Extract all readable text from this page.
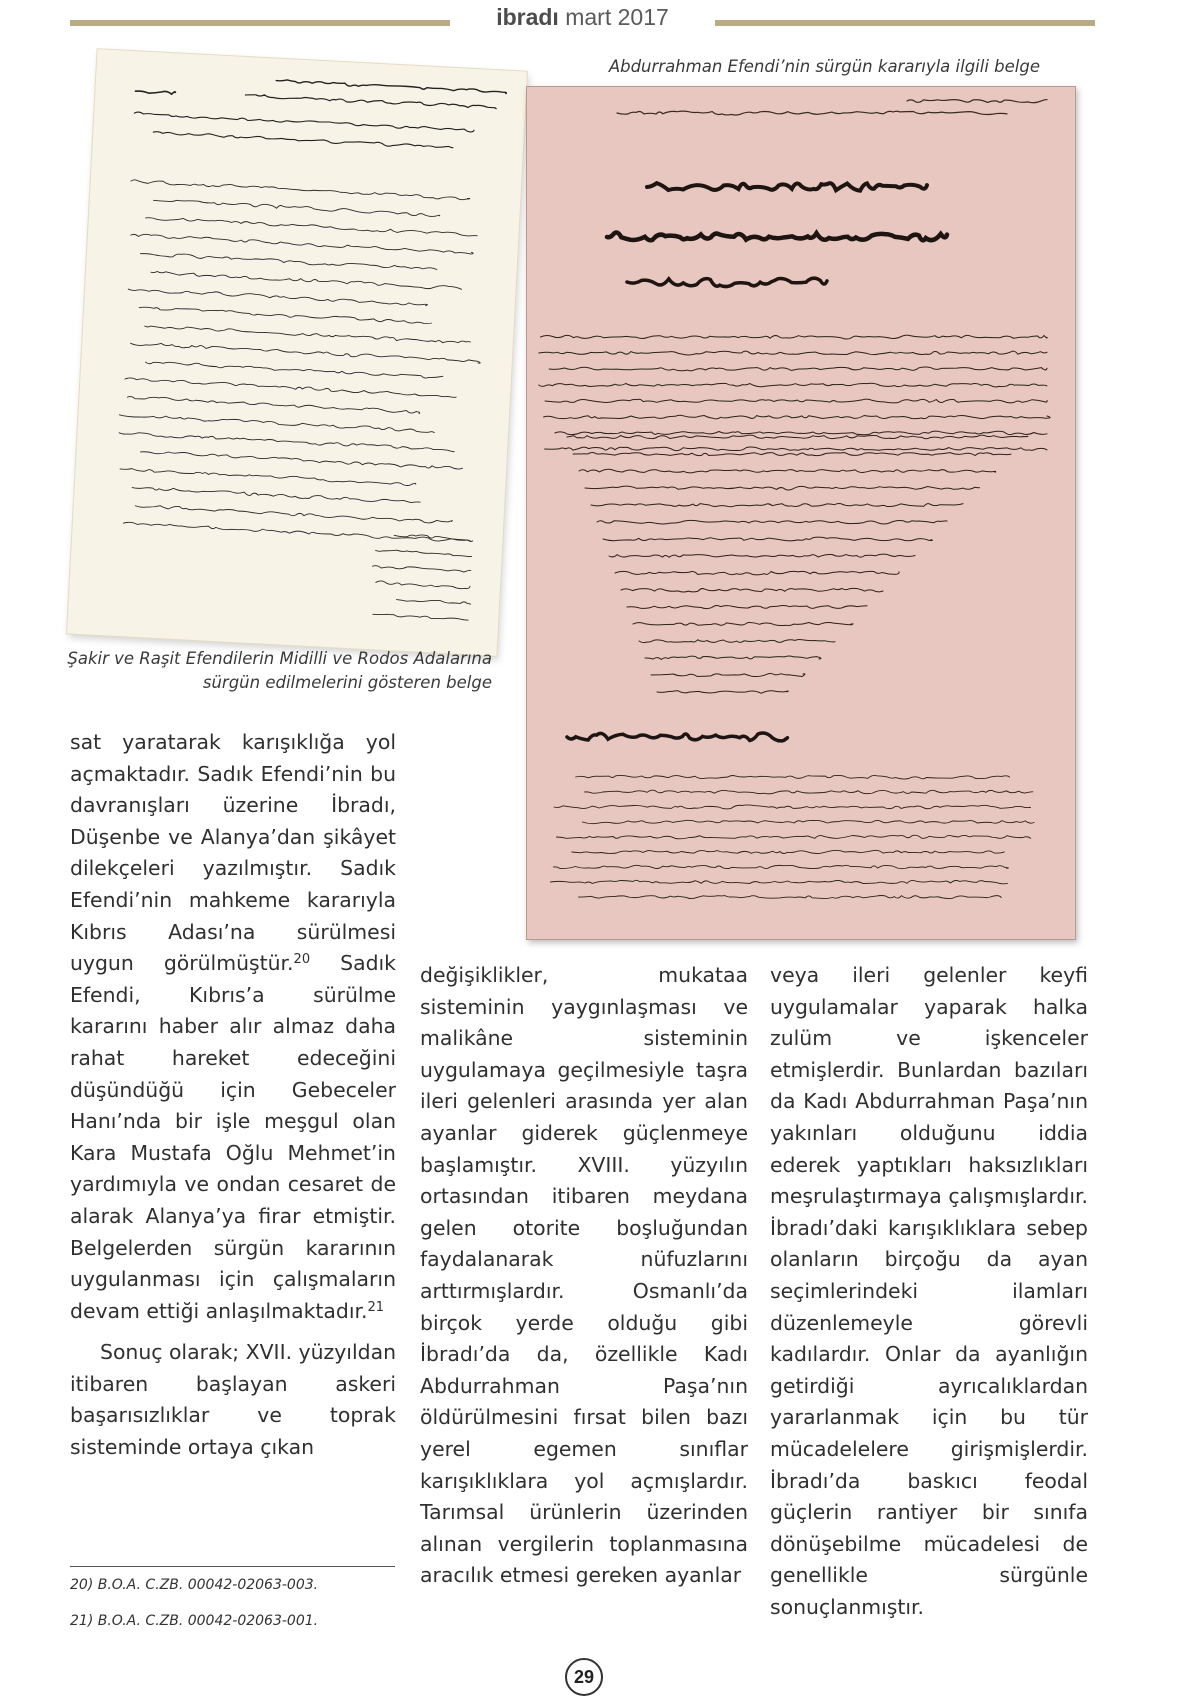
ibradı mart 2017
Abdurrahman Efendi’nin sürgün kararıyla ilgili belge
Şakir ve Raşit Efendilerin Midilli ve Rodos Adalarına sürgün edilmelerini gösteren belge

sat yaratarak karışıklığa yol açmaktadır. Sadık Efendi’nin bu davranışları üzerine İbradı, Düşenbe ve Alanya’dan şikâyet dilekçeleri yazılmıştır. Sadık Efendi’nin mahkeme kararıyla Kıbrıs Adası’na sürülmesi uygun görülmüştür.$^{20}$ Sadık Efendi, Kıbrıs’a sürülme kararını haber alır almaz daha rahat hareket edeceğini düşündüğü için Gebeceler Hanı’nda bir işle meşgul olan Kara Mustafa Oğlu Mehmet’in yardımıyla ve ondan cesaret de alarak Alanya’ya firar etmiştir. Belgelerden sürgün kararının uygulanması için çalışmaların devam ettiği anlaşılmaktadır.$^{21}$

Sonuç olarak; XVII. yüzyıldan itibaren başlayan askeri başarısızlıklar ve toprak sisteminde ortaya çıkan

değişiklikler, mukataa sisteminin yaygınlaşması ve malikâne sisteminin uygulamaya geçilmesiyle taşra ileri gelenleri arasında yer alan ayanlar giderek güçlenmeye başlamıştır. XVIII. yüzyılın ortasından itibaren meydana gelen otorite boşluğundan faydalanarak nüfuzlarını arttırmışlardır. Osmanlı’da birçok yerde olduğu gibi İbradı’da da, özellikle Kadı Abdurrahman Paşa’nın öldürülmesini fırsat bilen bazı yerel egemen sınıflar karışıklıklara yol açmışlardır. Tarımsal ürünlerin üzerinden alınan vergilerin toplanmasına aracılık etmesi gereken ayanlar

veya ileri gelenler keyfi uygulamalar yaparak halka zulüm ve işkenceler etmişlerdir. Bunlardan bazıları da Kadı Abdurrahman Paşa’nın yakınları olduğunu iddia ederek yaptıkları haksızlıkları meşrulaştırmaya çalışmışlardır. İbradı’daki karışıklıklara sebep olanların birçoğu da ayan seçimlerindeki ilamları düzenlemeyle görevli kadılardır. Onlar da ayanlığın getirdiği ayrıcalıklardan yararlanmak için bu tür mücadelelere girişmişlerdir. İbradı’da baskıcı feodal güçlerin rantiyer bir sınıfa dönüşebilme mücadelesi de genellikle sürgünle sonuçlanmıştır.

20) B.O.A. C.ZB. 00042-02063-003.
21) B.O.A. C.ZB. 00042-02063-001.
29
